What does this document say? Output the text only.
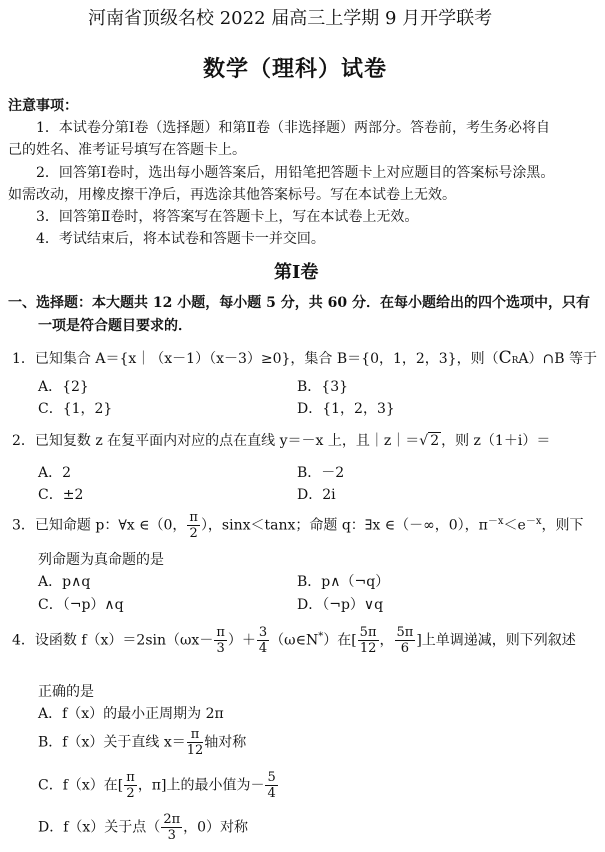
河南省顶级名校 2022 届高三上学期 9 月开学联考
数学（理科）试卷
注意事项：
1．本试卷分第Ⅰ卷（选择题）和第Ⅱ卷（非选择题）两部分。答卷前，考生务必将自
己的姓名、准考证号填写在答题卡上。
2．回答第Ⅰ卷时，选出每小题答案后，用铅笔把答题卡上对应题目的答案标号涂黑。
如需改动，用橡皮擦干净后，再选涂其他答案标号。写在本试卷上无效。
3．回答第Ⅱ卷时，将答案写在答题卡上，写在本试卷上无效。
4．考试结束后，将本试卷和答题卡一并交回。
第Ⅰ卷
一、选择题：本大题共 12 小题，每小题 5 分，共 60 分．在每小题给出的四个选项中，只有
一项是符合题目要求的．
1．已知集合 A＝{x｜（x－1）（x－3）≥0}，集合 B＝{0，1，2，3}，则（CRA）∩B 等于
A．{2}	B．{3}
C．{1，2}	D．{1，2，3}
2．已知复数 z 在复平面内对应的点在直线 y＝－x 上，且｜z｜＝√ 2 ，则 z（1＋i）＝
A．2	B．－2
C．±2	D．2i
3．已知命题 p：∀x ∈（0， $\frac{\pi}{2}$ ），sinx＜tanx；命题 q：∃x ∈（－∞，0），$\pi^{-x}<e^{-x}$，则下
列命题为真命题的是
A．p∧q	B．p∧（¬q）
C．（¬p）∧q	D．（¬p）∨q
4．设函数 $f(x)=2\sin(\omega x- \frac{\pi}{3}$ ）＋ $\frac{3}{4}$ （ω∈N*）在[ $\frac{5\pi}{12}$ ， $\frac{5\pi}{6}$ ]上单调递减，则下列叙述
正确的是
A．f（x）的最小正周期为 2π
B．f（x）关于直线 $x= \frac{\pi}{12}$ 轴对称
C．f（x）在[ $\frac{\pi}{2}$ ，π]上的最小值为－ $\frac{5}{4}$
D．f（x）关于点（ $\frac{2\pi}{3}$ ，0）对称
